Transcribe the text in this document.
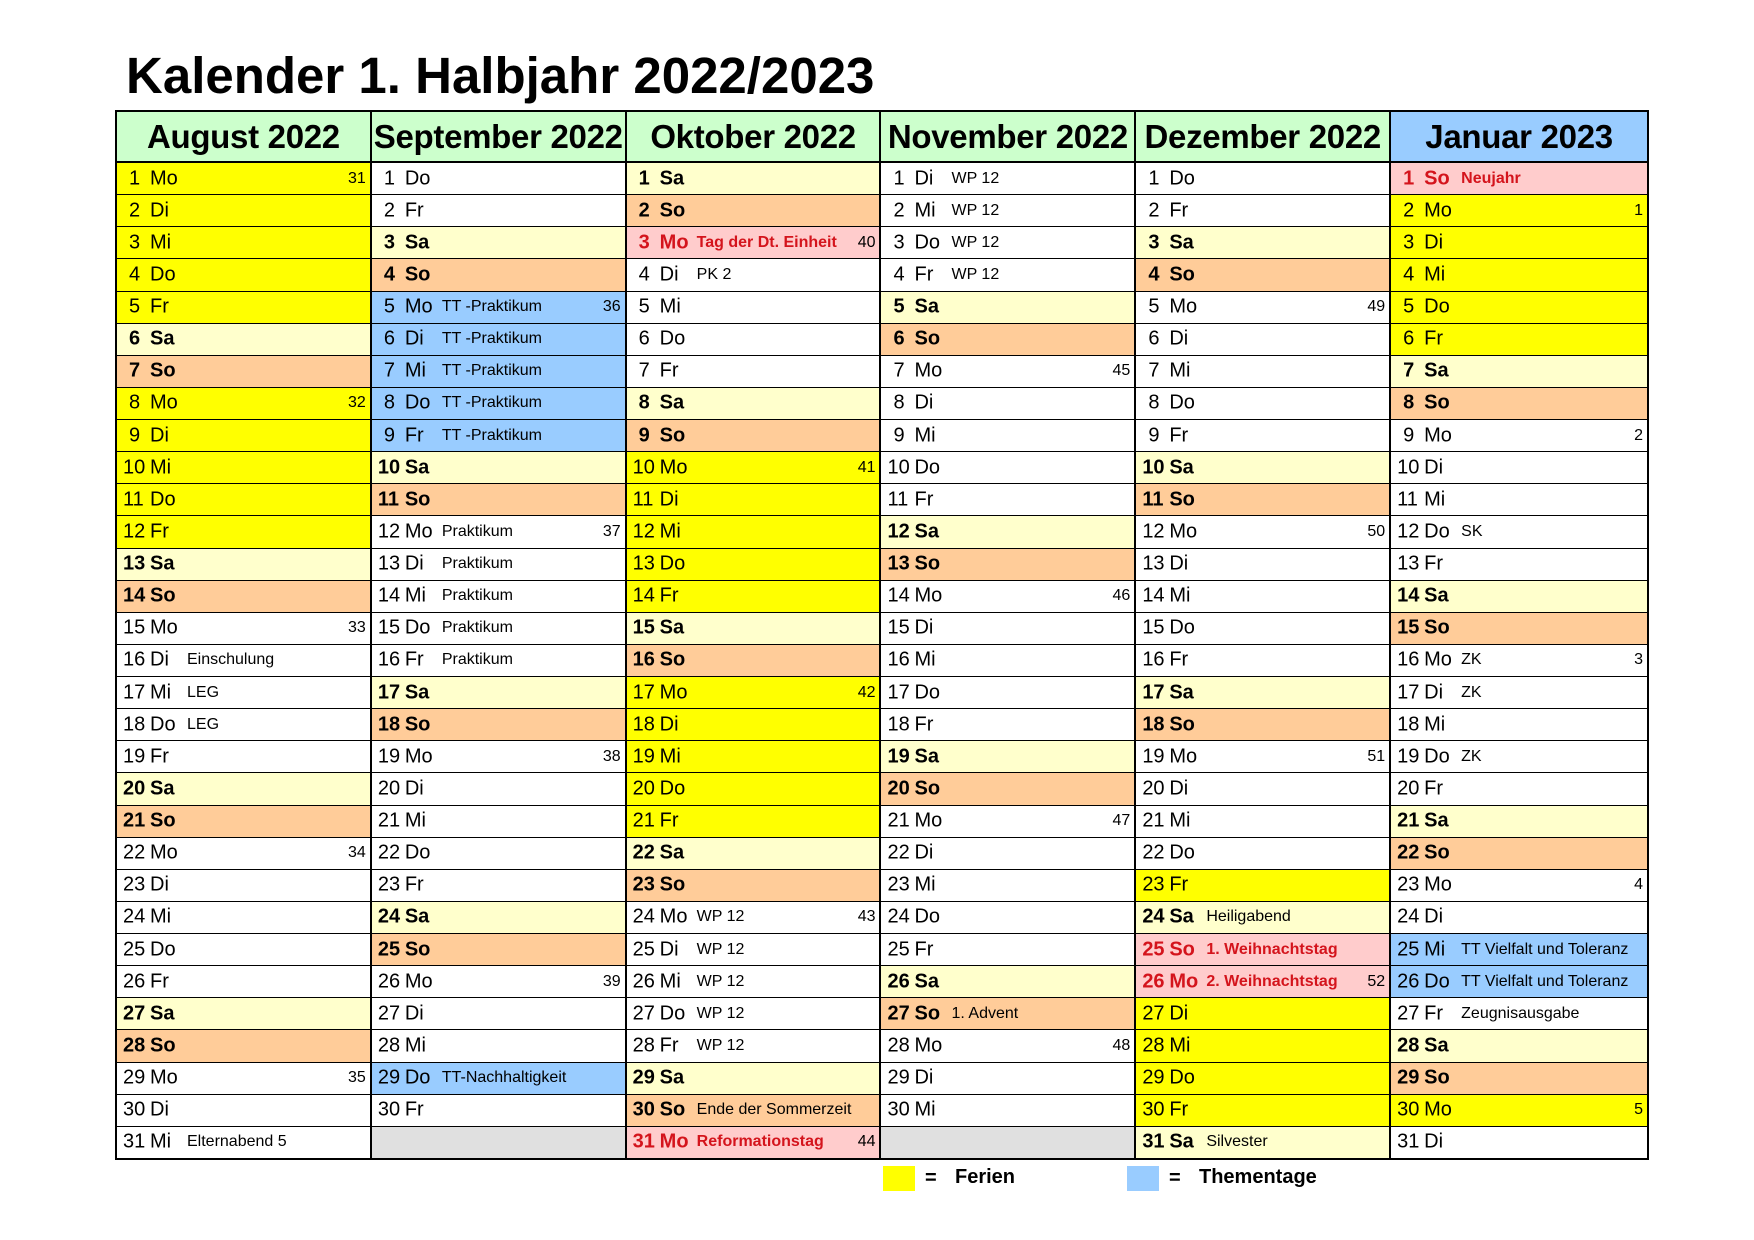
Kalender 1. Halbjahr 2022/2023
August 2022
1 Mo	31
2 Di
3 Mi
4 Do
5 Fr
6 Sa
7 So
8 Mo	32
9 Di
10 Mi
11 Do
12 Fr
13 Sa
14 So
15 Mo	33
16 Di Einschulung
17 Mi LEG
18 Do LEG
19 Fr
20 Sa
21 So
22 Mo	34
23 Di
24 Mi
25 Do
26 Fr
27 Sa
28 So
29 Mo	35
30 Di
31 Mi Elternabend 5
September 2022
1 Do
2 Fr
3 Sa
4 So
5 Mo TT -Praktikum	36
6 Di TT -Praktikum
7 Mi TT -Praktikum
8 Do TT -Praktikum
9 Fr TT -Praktikum
10 Sa
11 So
12 Mo Praktikum	37
13 Di Praktikum
14 Mi Praktikum
15 Do Praktikum
16 Fr Praktikum
17 Sa
18 So
19 Mo	38
20 Di
21 Mi
22 Do
23 Fr
24 Sa
25 So
26 Mo	39
27 Di
28 Mi
29 Do TT-Nachhaltigkeit
30 Fr
Oktober 2022
1 Sa
2 So
3 Mo Tag der Dt. Einheit 40
4 Di PK 2
5 Mi
6 Do
7 Fr
8 Sa
9 So
10 Mo	41
11 Di
12 Mi
13 Do
14 Fr
15 Sa
16 So
17 Mo	42
18 Di
19 Mi
20 Do
21 Fr
22 Sa
23 So
24 Mo WP 12	43
25 Di WP 12
26 Mi WP 12
27 Do WP 12
28 Fr WP 12
29 Sa
30 So Ende der Sommerzeit
31 Mo Reformationstag 44
November 2022
1 Di WP 12
2 Mi WP 12
3 Do WP 12
4 Fr WP 12
5 Sa
6 So
7 Mo	45
8 Di
9 Mi
10 Do
11 Fr
12 Sa
13 So
14 Mo	46
15 Di
16 Mi
17 Do
18 Fr
19 Sa
20 So
21 Mo	47
22 Di
23 Mi
24 Do
25 Fr
26 Sa
27 So 1. Advent
28 Mo	48
29 Di
30 Mi
Dezember 2022
1 Do
2 Fr
3 Sa
4 So
5 Mo	49
6 Di
7 Mi
8 Do
9 Fr
10 Sa
11 So
12 Mo	50
13 Di
14 Mi
15 Do
16 Fr
17 Sa
18 So
19 Mo	51
20 Di
21 Mi
22 Do
23 Fr
24 Sa Heiligabend
25 So 1. Weihnachtstag
26 Mo 2. Weihnachtstag 52
27 Di
28 Mi
29 Do
30 Fr
31 Sa Silvester
Januar 2023
1 So Neujahr
2 Mo	1
3 Di
4 Mi
5 Do
6 Fr
7 Sa
8 So
9 Mo	2
10 Di
11 Mi
12 Do SK
13 Fr
14 Sa
15 So
16 Mo ZK	3
17 Di ZK
18 Mi
19 Do ZK
20 Fr
21 Sa
22 So
23 Mo	4
24 Di
25 Mi TT Vielfalt und Toleranz
26 Do TT Vielfalt und Toleranz
27 Fr Zeugnisausgabe
28 Sa
29 So
30 Mo	5
31 Di
= Ferien	= Thementage
